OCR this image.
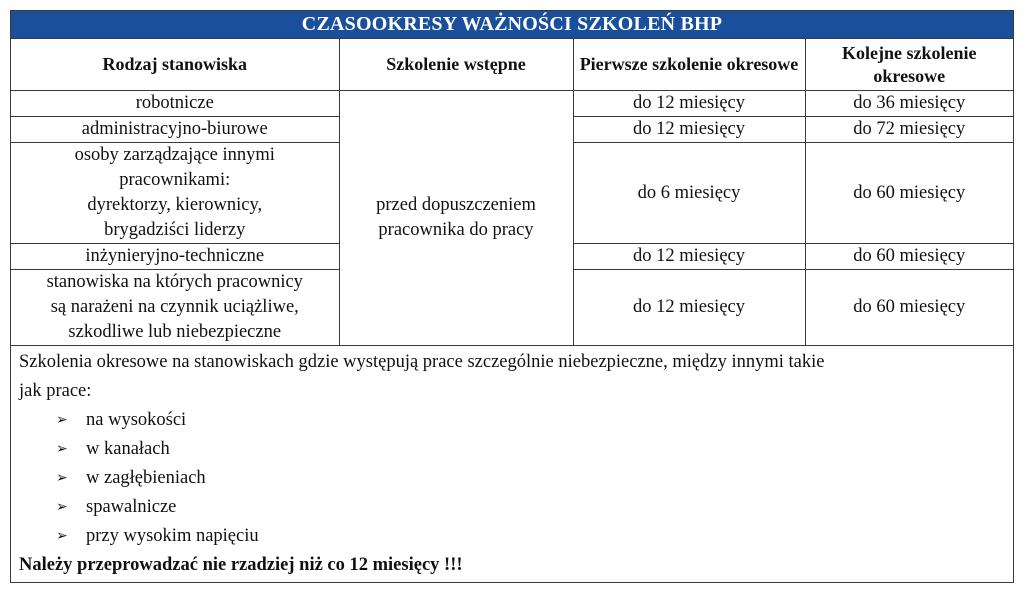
CZASOOKRESY WAŻNOŚCI SZKOLEŃ BHP
Rodzaj stanowiska	Szkolenie wstępne	Pierwsze szkolenie okresowe	Kolejne szkolenie okresowe
robotnicze	przed dopuszczeniem pracownika do pracy	do 12 miesięcy	do 36 miesięcy
administracyjno-biurowe		do 12 miesięcy	do 72 miesięcy

osoby zarządzające innymi
pracownikami:
dyrektorzy, kierownicy,
brygadziści liderzy		do 6 miesięcy	do 60 miesięcy
inżynieryjno-techniczne		do 12 miesięcy	do 60 miesięcy

stanowiska na których pracownicy
są narażeni na czynnik uciążliwe,
szkodliwe lub niebezpieczne		do 12 miesięcy	do 60 miesięcy
Szkolenia okresowe na stanowiskach gdzie występują prace szczególnie niebezpieczne, między innymi takie
jak prace:
➢ na wysokości
➢ w kanałach
➢ w zagłębieniach
➢ spawalnicze
➢ przy wysokim napięciu
Należy przeprowadzać nie rzadziej niż co 12 miesięcy !!!
